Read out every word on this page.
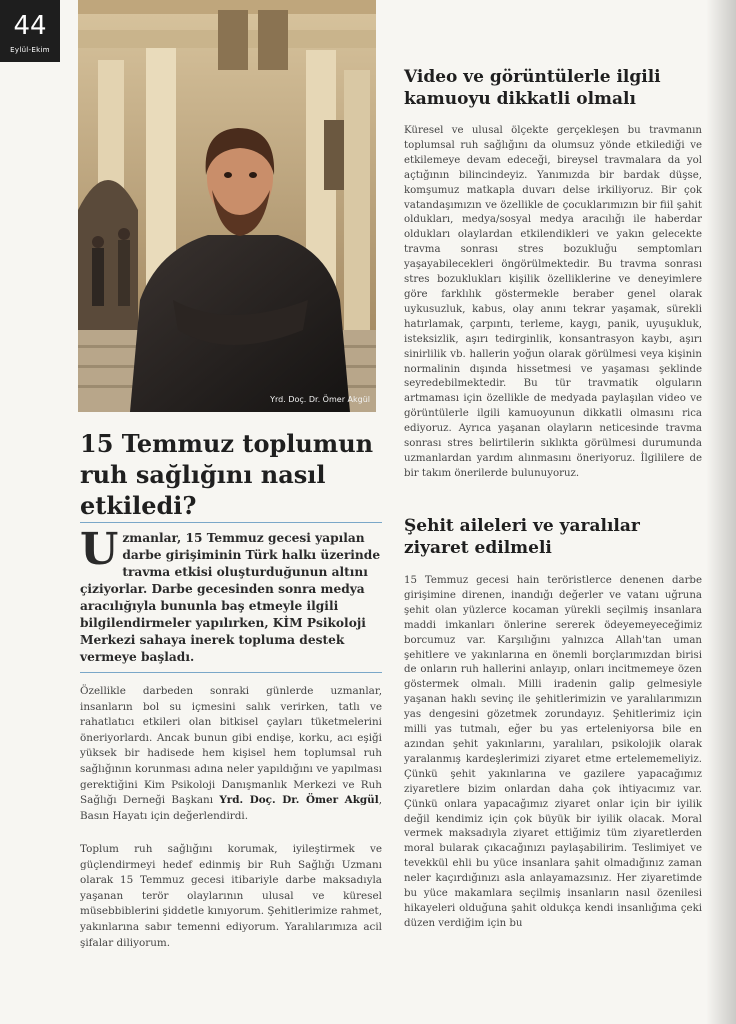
44
Eylül-Ekim
Yrd. Doç. Dr. Ömer Akgül
15 Temmuz toplumun ruh sağlığını nasıl etkiledi?

Uzmanlar, 15 Temmuz gecesi yapılan darbe girişiminin Türk halkı üzerinde travma etkisi oluşturduğunun altını çiziyorlar. Darbe gecesinden sonra medya aracılığıyla bununla baş etmeyle ilgili bilgilendirmeler yapılırken, KİM Psikoloji Merkezi sahaya inerek topluma destek vermeye başladı.

Özellikle darbeden sonraki günlerde uzmanlar, insanların bol su içmesini salık verirken, tatlı ve rahatlatıcı etkileri olan bitkisel çayları tüketmelerini öneriyorlardı. Ancak bunun gibi endişe, korku, acı eşiği yüksek bir hadisede hem kişisel hem toplumsal ruh sağlığının korunması adına neler yapıldığını ve yapılması gerektiğini Kim Psikoloji Danışmanlık Merkezi ve Ruh Sağlığı Derneği Başkanı Yrd. Doç. Dr. Ömer Akgül, Basın Hayatı için değerlendirdi.

Toplum ruh sağlığını korumak, iyileştirmek ve güçlendirmeyi hedef edinmiş bir Ruh Sağlığı Uzmanı olarak 15 Temmuz gecesi itibariyle darbe maksadıyla yaşanan terör olaylarının ulusal ve küresel müsebbiblerini şiddetle kınıyorum. Şehitlerimize rahmet, yakınlarına sabır temenni ediyorum. Yaralılarımıza acil şifalar diliyorum.

Video ve görüntülerle ilgili kamuoyu dikkatli olmalı

Küresel ve ulusal ölçekte gerçekleşen bu travmanın toplumsal ruh sağlığını da olumsuz yönde etkilediği ve etkilemeye devam edeceği, bireysel travmalara da yol açtığının bilincindeyiz. Yanımızda bir bardak düşse, komşumuz matkapla duvarı delse irkiliyoruz. Bir çok vatandaşımızın ve özellikle de çocuklarımızın bir fiil şahit oldukları, medya/sosyal medya aracılığı ile haberdar oldukları olaylardan etkilendikleri ve yakın gelecekte travma sonrası stres bozukluğu semptomları yaşayabilecekleri öngörülmektedir. Bu travma sonrası stres bozuklukları kişilik özelliklerine ve deneyimlere göre farklılık göstermekle beraber genel olarak uykusuzluk, kabus, olay anını tekrar yaşamak, sürekli hatırlamak, çarpıntı, terleme, kaygı, panik, uyuşukluk, isteksizlik, aşırı tedirginlik, konsantrasyon kaybı, aşırı sinirlilik vb. hallerin yoğun olarak görülmesi veya kişinin normalinin dışında hissetmesi ve yaşaması şeklinde seyredebilmektedir. Bu tür travmatik olguların artmaması için özellikle de medyada paylaşılan video ve görüntülerle ilgili kamuoyunun dikkatli olmasını rica ediyoruz. Ayrıca yaşanan olayların neticesinde travma sonrası stres belirtilerin sıklıkta görülmesi durumunda uzmanlardan yardım alınmasını öneriyoruz. İlgililere de bir takım önerilerde bulunuyoruz.

Şehit aileleri ve yaralılar ziyaret edilmeli

15 Temmuz gecesi hain teröristlerce denenen darbe girişimine direnen, inandığı değerler ve vatanı uğruna şehit olan yüzlerce kocaman yürekli seçilmiş insanlara maddi imkanları önlerine sererek ödeyemeyeceğimiz borcumuz var. Karşılığını yalnızca Allah'tan uman şehitlere ve yakınlarına en önemli borçlarımızdan birisi de onların ruh hallerini anlayıp, onları incitmemeye özen göstermek olmalı. Milli iradenin galip gelmesiyle yaşanan haklı sevinç ile şehitlerimizin ve yaralılarımızın yas dengesini gözetmek zorundayız. Şehitlerimiz için milli yas tutmalı, eğer bu yas erteleniyorsa bile en azından şehit yakınlarını, yaralıları, psikolojik olarak yaralanmış kardeşlerimizi ziyaret etme ertelememeliyiz. Çünkü şehit yakınlarına ve gazilere yapacağımız ziyaretlere bizim onlardan daha çok ihtiyacımız var. Çünkü onlara yapacağımız ziyaret onlar için bir iyilik değil kendimiz için çok büyük bir iyilik olacak. Moral vermek maksadıyla ziyaret ettiğimiz tüm ziyaretlerden moral bularak çıkacağınızı paylaşabilirim. Teslimiyet ve tevekkül ehli bu yüce insanlara şahit olmadığınız zaman neler kaçırdığınızı asla anlayamazsınız. Her ziyaretimde bu yüce makamlara seçilmiş insanların nasıl özenilesi hikayeleri olduğuna şahit oldukça kendi insanlığıma çeki düzen verdiğim için bu
